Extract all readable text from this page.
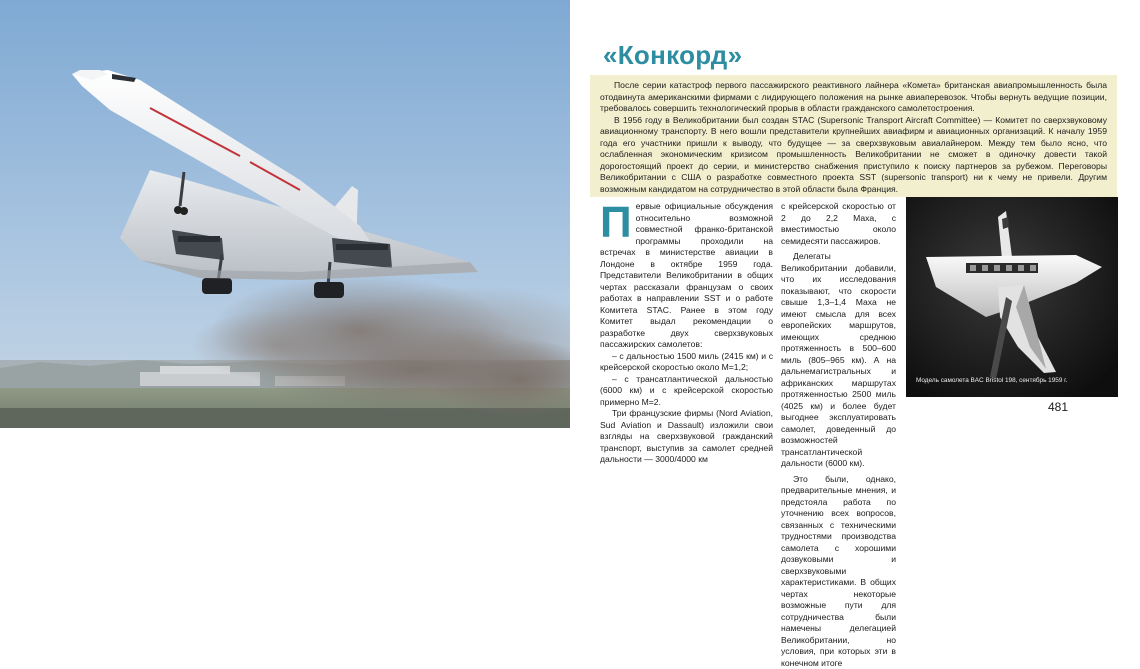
«Конкорд»

После серии катастроф первого пассажирского реактивного лайнера «Комета» британская авиапромышленность была отодвинута американскими фирмами с лидирующего положения на рынке авиаперевозок. Чтобы вернуть ведущие позиции, требовалось совершить технологический прорыв в области гражданского самолетостроения.

В 1956 году в Великобритании был создан STAC (Supersonic Transport Aircraft Committee) — Комитет по сверхзвуковому авиационному транспорту. В него вошли представители крупнейших авиафирм и авиационных организаций. К началу 1959 года его участники пришли к выводу, что будущее — за сверхзвуковым авиалайнером. Между тем было ясно, что ослабленная экономическим кризисом промышленность Великобритании не сможет в одиночку довести такой дорогостоящий проект до серии, и министерство снабжения приступило к поиску партнеров за рубежом. Переговоры Великобритании с США о разработке совместного проекта SST (supersonic transport) ни к чему не привели. Другим возможным кандидатом на сотрудничество в этой области была Франция.

Первые официальные обсуждения относительно возможной совместной франко-британской программы проходили на встречах в министерстве авиации в Лондоне в октябре 1959 года. Представители Великобритании в общих чертах рассказали французам о своих работах в направлении SST и о работе Комитета STAC. Ранее в этом году Комитет выдал рекомендации о разработке двух сверхзвуковых пассажирских самолетов:

– с дальностью 1500 миль (2415 км) и с крейсерской скоростью около М=1,2;

– с трансатлантической дальностью (6000 км) и с крейсерской скоростью примерно М=2.

Три французские фирмы (Nord Aviation, Sud Aviation и Dassault) изложили свои взгляды на сверхзвуковой гражданский транспорт, выступив за самолет средней дальности — 3000/4000 км

с крейсерской скоростью от 2 до 2,2 Маха, с вместимостью около семидесяти пассажиров.

Делегаты Великобритании добавили, что их исследования показывают, что скорости свыше 1,3–1,4 Маха не имеют смысла для всех европейских маршрутов, имеющих среднюю протяженность в 500–600 миль (805–965 км). А на дальнемагистральных и африканских маршрутах протяженностью 2500 миль (4025 км) и более будет выгоднее эксплуатировать самолет, доведенный до возможностей трансатлантической дальности (6000 км).

Это были, однако, предварительные мнения, и предстояла работа по уточнению всех вопросов, связанных с техническими трудностями производства самолета с хорошими дозвуковыми и сверхзвуковыми характеристиками. В общих чертах некоторые возможные пути для сотрудничества были намечены делегацией Великобритании, но условия, при которых эти в конечном итоге

Модель самолета BAC Bristol 198, сентябрь 1959 г.
481
